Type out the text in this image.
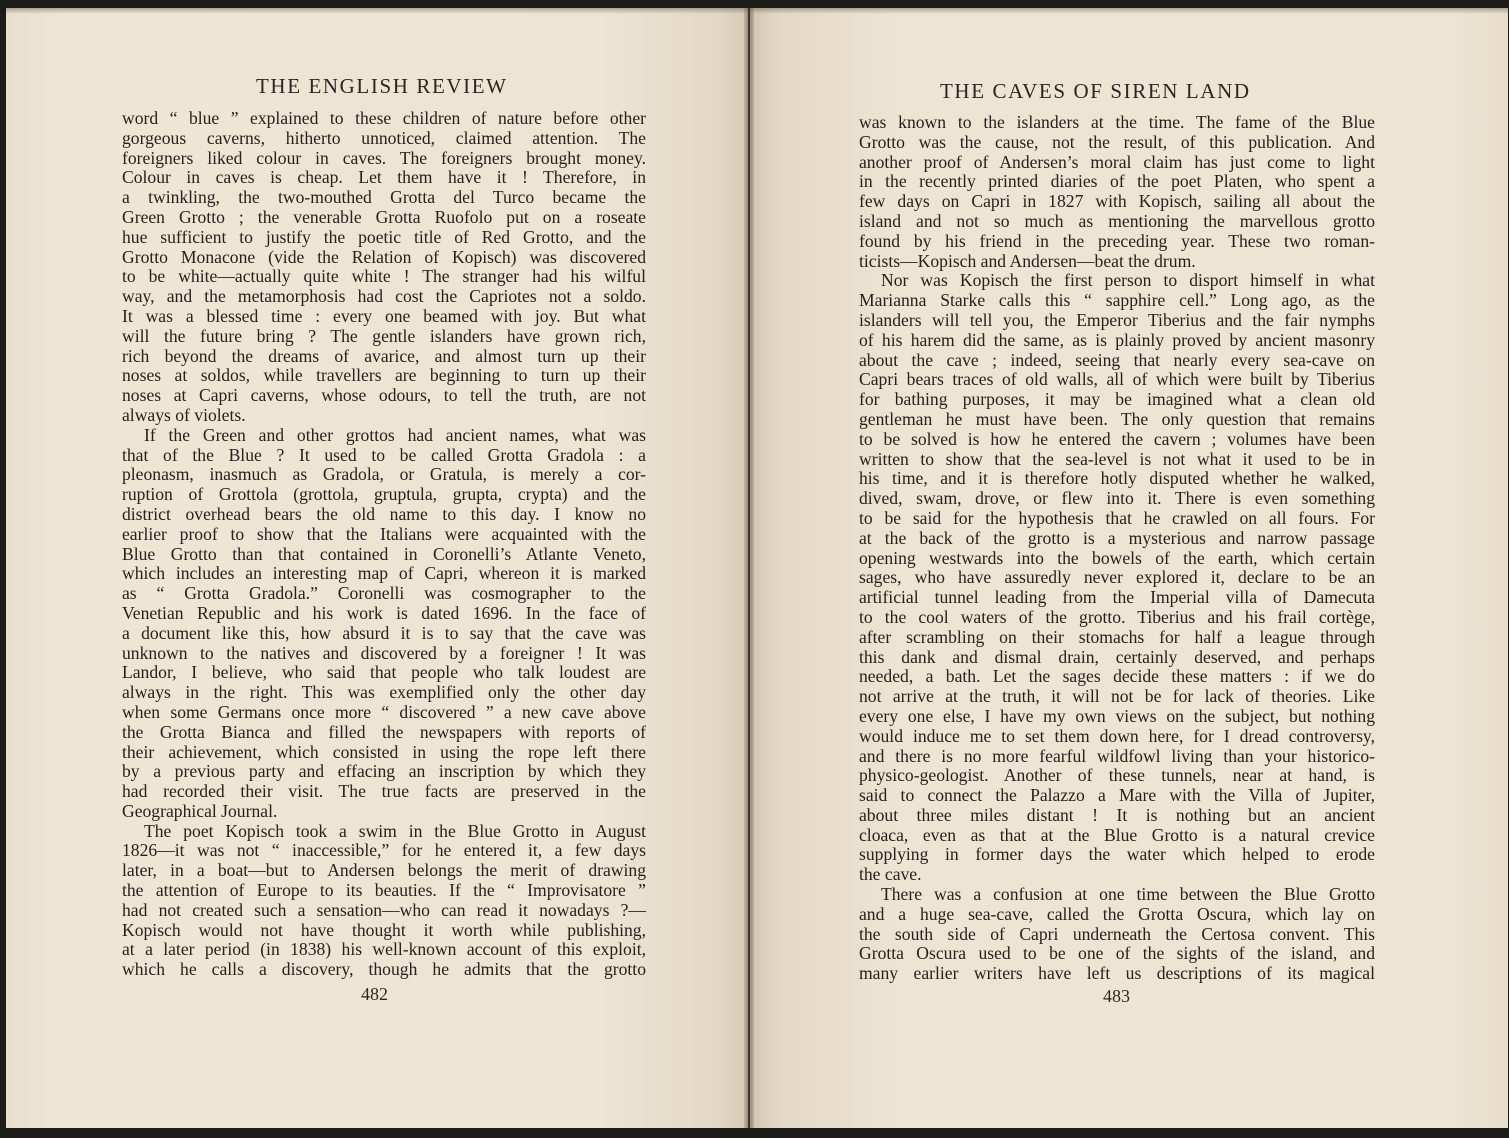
THE ENGLISH REVIEW
word “ blue ” explained to these children of nature before other
gorgeous caverns, hitherto unnoticed, claimed attention. The
foreigners liked colour in caves. The foreigners brought money.
Colour in caves is cheap. Let them have it ! Therefore, in
a twinkling, the two-mouthed Grotta del Turco became the
Green Grotto ; the venerable Grotta Ruofolo put on a roseate
hue sufficient to justify the poetic title of Red Grotto, and the
Grotto Monacone (vide the Relation of Kopisch) was discovered
to be white—actually quite white ! The stranger had his wilful
way, and the metamorphosis had cost the Capriotes not a soldo.
It was a blessed time : every one beamed with joy. But what
will the future bring ? The gentle islanders have grown rich,
rich beyond the dreams of avarice, and almost turn up their
noses at soldos, while travellers are beginning to turn up their
noses at Capri caverns, whose odours, to tell the truth, are not
always of violets.
If the Green and other grottos had ancient names, what was
that of the Blue ? It used to be called Grotta Gradola : a
pleonasm, inasmuch as Gradola, or Gratula, is merely a cor-
ruption of Grottola (grottola, gruptula, grupta, crypta) and the
district overhead bears the old name to this day. I know no
earlier proof to show that the Italians were acquainted with the
Blue Grotto than that contained in Coronelli’s Atlante Veneto,
which includes an interesting map of Capri, whereon it is marked
as “ Grotta Gradola.” Coronelli was cosmographer to the
Venetian Republic and his work is dated 1696. In the face of
a document like this, how absurd it is to say that the cave was
unknown to the natives and discovered by a foreigner ! It was
Landor, I believe, who said that people who talk loudest are
always in the right. This was exemplified only the other day
when some Germans once more “ discovered ” a new cave above
the Grotta Bianca and filled the newspapers with reports of
their achievement, which consisted in using the rope left there
by a previous party and effacing an inscription by which they
had recorded their visit. The true facts are preserved in the
Geographical Journal.
The poet Kopisch took a swim in the Blue Grotto in August
1826—it was not “ inaccessible,” for he entered it, a few days
later, in a boat—but to Andersen belongs the merit of drawing
the attention of Europe to its beauties. If the “ Improvisatore ”
had not created such a sensation—who can read it nowadays ?—
Kopisch would not have thought it worth while publishing,
at a later period (in 1838) his well-known account of this exploit,
which he calls a discovery, though he admits that the grotto
482
THE CAVES OF SIREN LAND
was known to the islanders at the time. The fame of the Blue
Grotto was the cause, not the result, of this publication. And
another proof of Andersen’s moral claim has just come to light
in the recently printed diaries of the poet Platen, who spent a
few days on Capri in 1827 with Kopisch, sailing all about the
island and not so much as mentioning the marvellous grotto
found by his friend in the preceding year. These two roman-
ticists—Kopisch and Andersen—beat the drum.
Nor was Kopisch the first person to disport himself in what
Marianna Starke calls this “ sapphire cell.” Long ago, as the
islanders will tell you, the Emperor Tiberius and the fair nymphs
of his harem did the same, as is plainly proved by ancient masonry
about the cave ; indeed, seeing that nearly every sea-cave on
Capri bears traces of old walls, all of which were built by Tiberius
for bathing purposes, it may be imagined what a clean old
gentleman he must have been. The only question that remains
to be solved is how he entered the cavern ; volumes have been
written to show that the sea-level is not what it used to be in
his time, and it is therefore hotly disputed whether he walked,
dived, swam, drove, or flew into it. There is even something
to be said for the hypothesis that he crawled on all fours. For
at the back of the grotto is a mysterious and narrow passage
opening westwards into the bowels of the earth, which certain
sages, who have assuredly never explored it, declare to be an
artificial tunnel leading from the Imperial villa of Damecuta
to the cool waters of the grotto. Tiberius and his frail cortège,
after scrambling on their stomachs for half a league through
this dank and dismal drain, certainly deserved, and perhaps
needed, a bath. Let the sages decide these matters : if we do
not arrive at the truth, it will not be for lack of theories. Like
every one else, I have my own views on the subject, but nothing
would induce me to set them down here, for I dread controversy,
and there is no more fearful wildfowl living than your historico-
physico-geologist. Another of these tunnels, near at hand, is
said to connect the Palazzo a Mare with the Villa of Jupiter,
about three miles distant ! It is nothing but an ancient
cloaca, even as that at the Blue Grotto is a natural crevice
supplying in former days the water which helped to erode
the cave.
There was a confusion at one time between the Blue Grotto
and a huge sea-cave, called the Grotta Oscura, which lay on
the south side of Capri underneath the Certosa convent. This
Grotta Oscura used to be one of the sights of the island, and
many earlier writers have left us descriptions of its magical
483
